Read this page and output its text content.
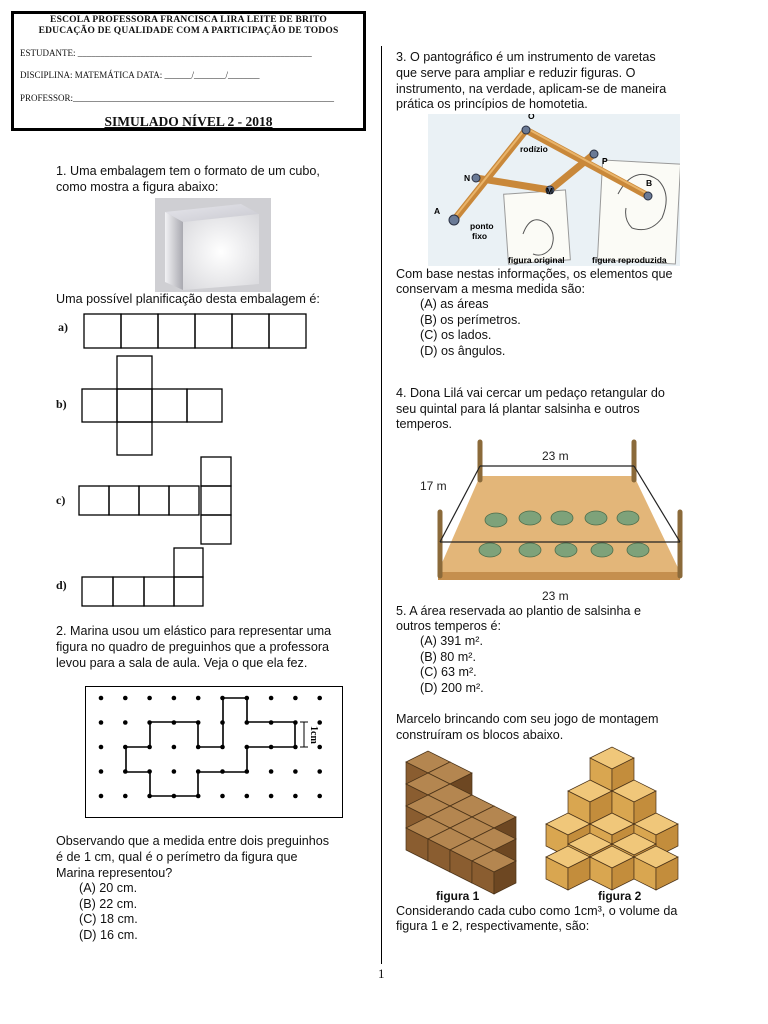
ESCOLA PROFESSORA FRANCISCA LIRA LEITE DE BRITO
EDUCAÇÃO DE QUALIDADE COM A PARTICIPAÇÃO DE TODOS
ESTUDANTE: ____________________________________________________
DISCIPLINA: MATEMÁTICA DATA: ______/_______/_______
PROFESSOR:__________________________________________________________
SIMULADO NÍVEL 2 - 2018
1. Uma embalagem tem o formato de um cubo,
como mostra a figura abaixo:
Uma possível planificação desta embalagem é:
a)
b)
c)
d)
2. Marina usou um elástico para representar uma
figura no quadro de preguinhos que a professora
levou para a sala de aula. Veja o que ela fez.
1cm
Observando que a medida entre dois preguinhos
é de 1 cm, qual é o perímetro da figura que
Marina representou?
(A) 20 cm.
(B) 22 cm.
(C) 18 cm.
(D) 16 cm.
3. O pantográfico é um instrumento de varetas
que serve para ampliar e reduzir figuras. O
instrumento, na verdade, aplicam-se de maneira
prática os princípios de homotetia.
O
rodízio
P
N
M
B
A
ponto
fixo
figura original	figura reproduzida
Com base nestas informações, os elementos que
conservam a mesma medida são:
(A) as áreas
(B) os perímetros.
(C) os lados.
(D) os ângulos.
4. Dona Lilá vai cercar um pedaço retangular do
seu quintal para lá plantar salsinha e outros
temperos.
23 m
17 m
23 m
5. A área reservada ao plantio de salsinha e
outros temperos é:
(A) 391 m².
(B) 80 m².
(C) 63 m².
(D) 200 m².
Marcelo brincando com seu jogo de montagem
construíram os blocos abaixo.
figura 1	figura 2
Considerando cada cubo como 1cm³, o volume da
figura 1 e 2, respectivamente, são:
1
